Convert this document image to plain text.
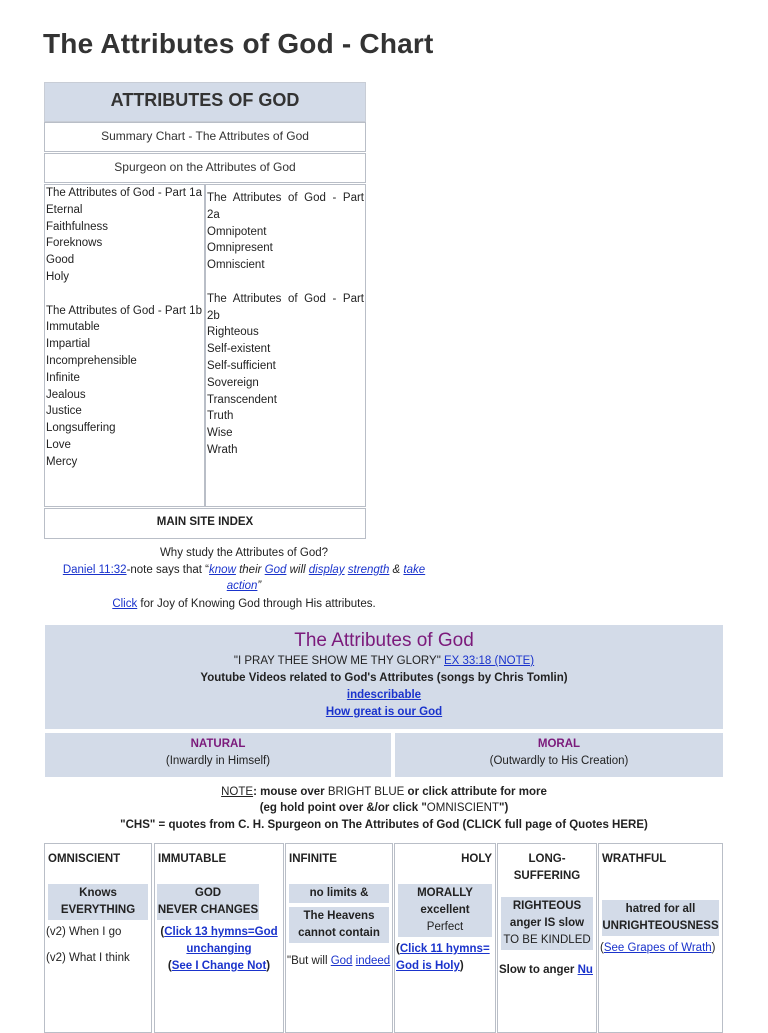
The Attributes of God - Chart
ATTRIBUTES OF GOD
Summary Chart - The Attributes of God
Spurgeon on the Attributes of God
The Attributes of God - Part 1a
Eternal
Faithfulness
Foreknows
Good
Holy
The Attributes of God - Part 1b
Immutable
Impartial
Incomprehensible
Infinite
Jealous
Justice
Longsuffering
Love
Mercy
The Attributes of God - Part
2a
Omnipotent
Omnipresent
Omniscient
The Attributes of God - Part
2b
Righteous
Self-existent
Self-sufficient
Sovereign
Transcendent
Truth
Wise
Wrath
MAIN SITE INDEX
Why study the Attributes of God?
Daniel 11:32-note says that “know their God will display strength & take
action”
Click for Joy of Knowing God through His attributes.
The Attributes of God
"I PRAY THEE SHOW ME THY GLORY" EX 33:18 (NOTE)
Youtube Videos related to God's Attributes (songs by Chris Tomlin)
indescribable
How great is our God
NATURAL
(Inwardly in Himself)
MORAL
(Outwardly to His Creation)
NOTE: mouse over BRIGHT BLUE or click attribute for more
(eg hold point over &/or click "OMNISCIENT")
"CHS" = quotes from C. H. Spurgeon on The Attributes of God (CLICK full page of Quotes HERE)
OMNISCIENT
Knows
EVERYTHING
(v2) When I go
(v2) What I think
IMMUTABLE
GOD
NEVER CHANGES
(Click 13 hymns=God
unchanging
(See I Change Not)
INFINITE
no limits &
The Heavens
cannot contain
"But will God indeed
HOLY
MORALLY
excellent
Perfect
(Click 11 hymns=
God is Holy)
LONG-
SUFFERING
RIGHTEOUS
anger IS slow
TO BE KINDLED
Slow to anger Nu
WRATHFUL
hatred for all
UNRIGHTEOUSNESS
(See Grapes of Wrath)
